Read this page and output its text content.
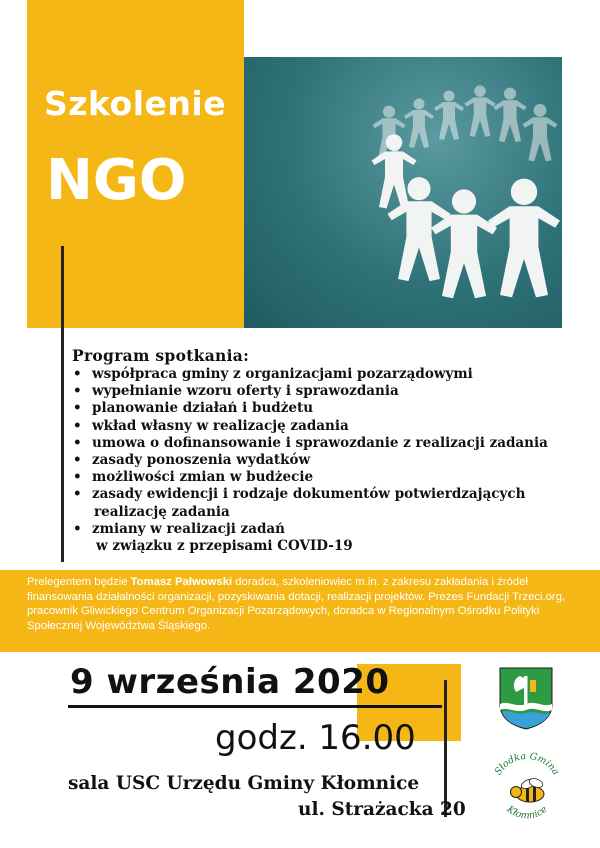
Szkolenie
NGO
Program spotkania:
• współpraca gminy z organizacjami pozarządowymi
• wypełnianie wzoru oferty i sprawozdania
• planowanie działań i budżetu
• wkład własny w realizację zadania
• umowa o dofinansowanie i sprawozdanie z realizacji zadania
• zasady ponoszenia wydatków
• możliwości zmian w budżecie
• zasady ewidencji i rodzaje dokumentów potwierdzających
realizację zadania
• zmiany w realizacji zadań
w związku z przepisami COVID-19
Prelegentem będzie Tomasz Pałwowski doradca, szkoleniowiec m.in. z zakresu zakładania i źródeł finansowania działalności organizacji, pozyskiwania dotacji, realizacji projektów. Prezes Fundacji Trzeci.org, pracownik Gliwickiego Centrum Organizacji Pozarządowych, doradca w Regionalnym Ośrodku Polityki Społecznej Województwa Śląskiego.
9 września 2020
godz. 16.00
sala USC Urzędu Gminy Kłomnice
ul. Strażacka 20
Słodka Gmina
Kłomnice
